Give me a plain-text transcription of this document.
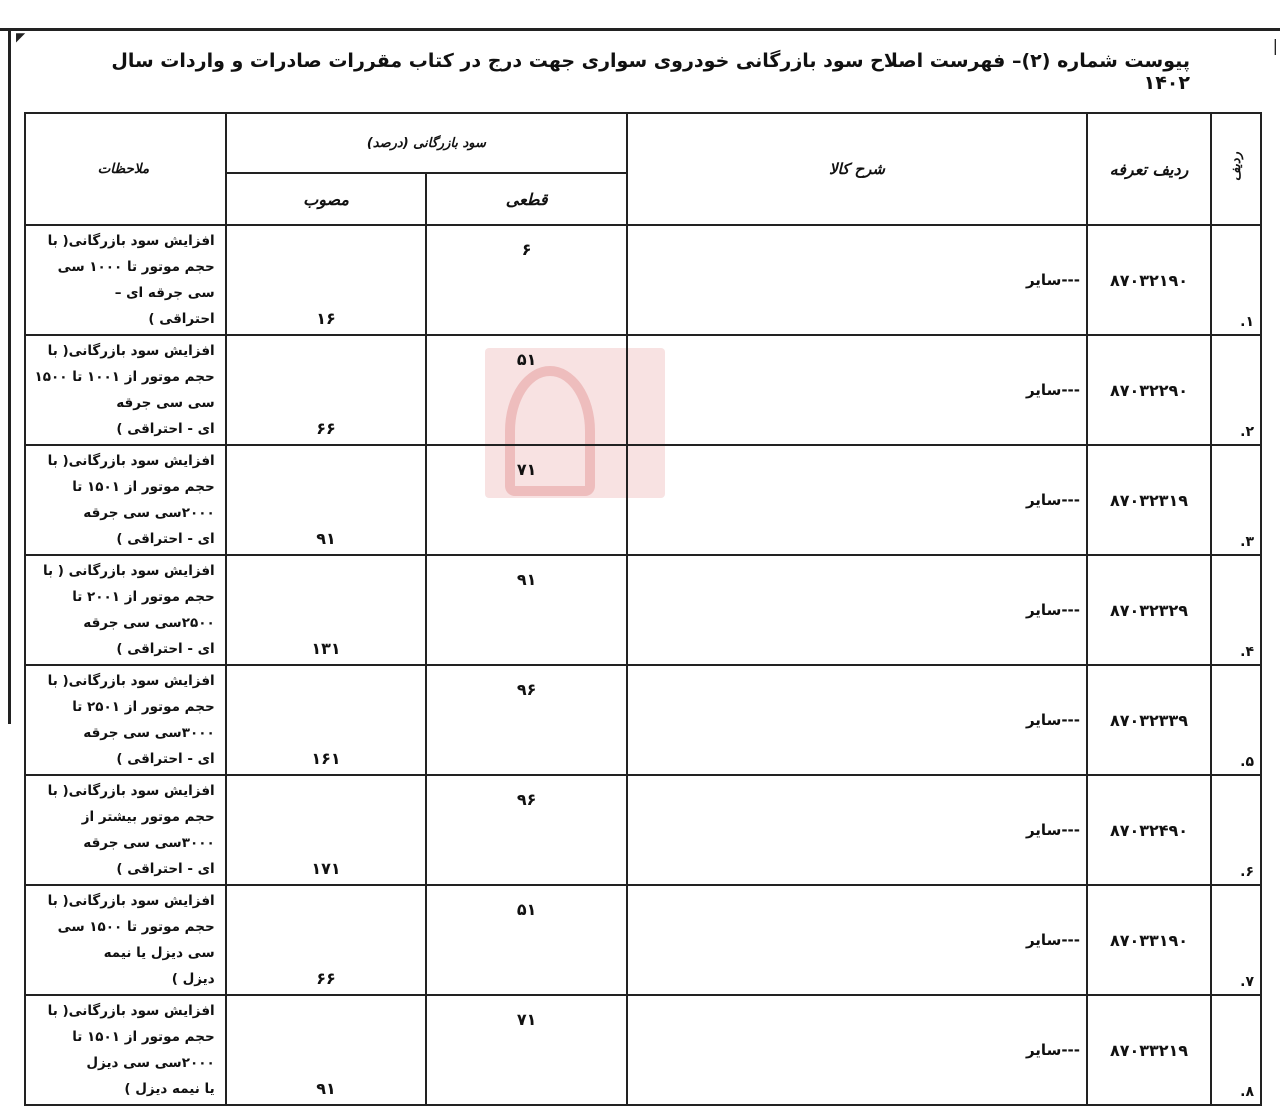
◤	|
پیوست شماره (۲)– فهرست اصلاح سود بازرگانی خودروی سواری جهت درج در کتاب مقررات صادرات و واردات سال ۱۴۰۲
ردیف	ردیف تعرفه	شرح کالا	سود بازرگانی (درصد)		ملاحظات
			قطعی	مصوب	
۱.	۸۷۰۳۲۱۹۰	---سایر	۶	۱۶	افزایش سود بازرگانی( با حجم موتور تا ۱۰۰۰ سی سی جرقه ای –
احتراقی )

۲.	۸۷۰۳۲۲۹۰	---سایر	۵۱	۶۶	افزایش سود بازرگانی( با حجم موتور از ۱۰۰۱ تا ۱۵۰۰ سی سی جرقه
ای - احتراقی )

۳.	۸۷۰۳۲۳۱۹	---سایر	۷۱	۹۱	افزایش سود بازرگانی( با حجم موتور از ۱۵۰۱ تا ۲۰۰۰سی سی جرقه
ای - احتراقی )

۴.	۸۷۰۳۲۳۲۹	---سایر	۹۱	۱۳۱	افزایش سود بازرگانی ( با حجم موتور از ۲۰۰۱ تا ۲۵۰۰سی سی جرقه
ای - احتراقی )

۵.	۸۷۰۳۲۳۳۹	---سایر	۹۶	۱۶۱	افزایش سود بازرگانی( با حجم موتور از ۲۵۰۱ تا ۳۰۰۰سی سی جرقه
ای - احتراقی )

۶.	۸۷۰۳۲۴۹۰	---سایر	۹۶	۱۷۱	افزایش سود بازرگانی( با حجم موتور بیشتر از ۳۰۰۰سی سی جرقه
ای - احتراقی )

۷.	۸۷۰۳۳۱۹۰	---سایر	۵۱	۶۶	افزایش سود بازرگانی( با حجم موتور تا ۱۵۰۰ سی سی دیزل یا نیمه
دیزل )

۸.	۸۷۰۳۳۲۱۹	---سایر	۷۱	۹۱	افزایش سود بازرگانی( با حجم موتور از ۱۵۰۱ تا ۲۰۰۰سی سی دیزل
یا نیمه دیزل )
